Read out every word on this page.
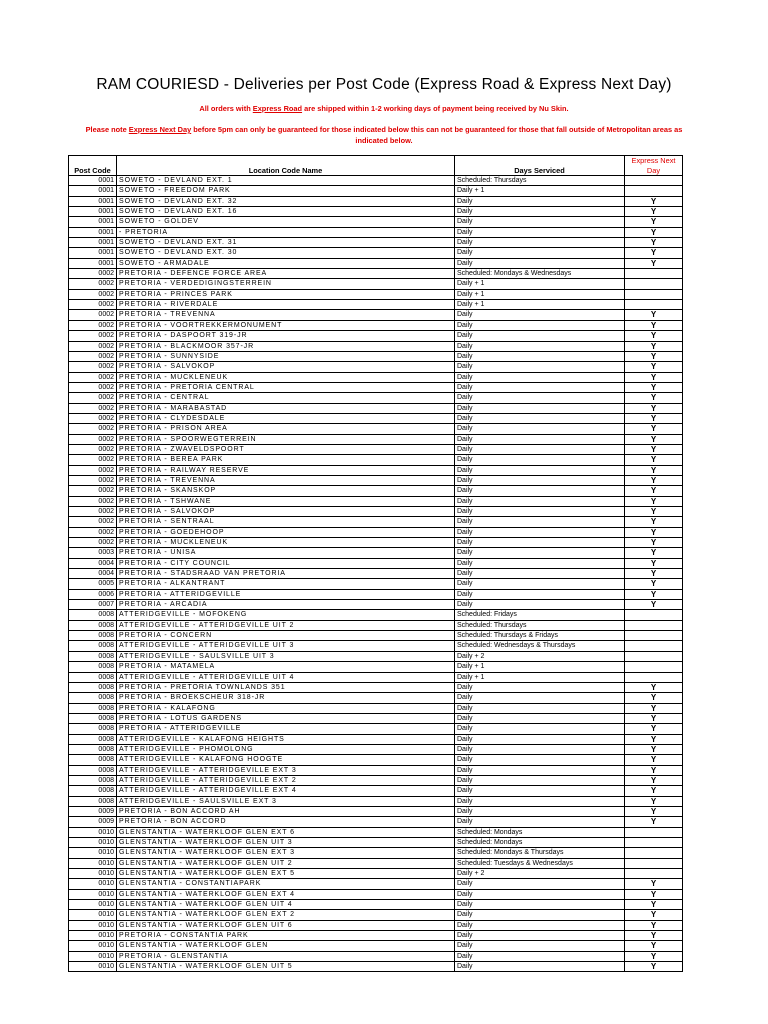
RAM COURIESD - Deliveries per Post Code (Express Road & Express Next Day)
All orders with Express Road are shipped within 1-2 working days of payment being received by Nu Skin.
Please note Express Next Day before 5pm can only be guaranteed for those indicated below this can not be guaranteed for those that fall outside of Metropolitan areas as indicated below.
Post Code	Location Code Name	Days Serviced	Express Next Day
0001	SOWETO - DEVLAND EXT. 1	Scheduled: Thursdays	
0001	SOWETO - FREEDOM PARK	Daily + 1	
0001	SOWETO - DEVLAND EXT. 32	Daily	Y
0001	SOWETO - DEVLAND EXT. 16	Daily	Y
0001	SOWETO - GOLDEV	Daily	Y
0001	- PRETORIA	Daily	Y
0001	SOWETO - DEVLAND EXT. 31	Daily	Y
0001	SOWETO - DEVLAND EXT. 30	Daily	Y
0001	SOWETO - ARMADALE	Daily	Y
0002	PRETORIA - DEFENCE FORCE AREA	Scheduled: Mondays & Wednesdays	
0002	PRETORIA - VERDEDIGINGSTERREIN	Daily + 1	
0002	PRETORIA - PRINCES PARK	Daily + 1	
0002	PRETORIA - RIVERDALE	Daily + 1	
0002	PRETORIA - TREVENNA	Daily	Y
0002	PRETORIA - VOORTREKKERMONUMENT	Daily	Y
0002	PRETORIA - DASPOORT 319-JR	Daily	Y
0002	PRETORIA - BLACKMOOR 357-JR	Daily	Y
0002	PRETORIA - SUNNYSIDE	Daily	Y
0002	PRETORIA - SALVOKOP	Daily	Y
0002	PRETORIA - MUCKLENEUK	Daily	Y
0002	PRETORIA - PRETORIA CENTRAL	Daily	Y
0002	PRETORIA - CENTRAL	Daily	Y
0002	PRETORIA - MARABASTAD	Daily	Y
0002	PRETORIA - CLYDESDALE	Daily	Y
0002	PRETORIA - PRISON AREA	Daily	Y
0002	PRETORIA - SPOORWEGTERREIN	Daily	Y
0002	PRETORIA - ZWAVELDSPOORT	Daily	Y
0002	PRETORIA - BEREA PARK	Daily	Y
0002	PRETORIA - RAILWAY RESERVE	Daily	Y
0002	PRETORIA - TREVENNA	Daily	Y
0002	PRETORIA - SKANSKOP	Daily	Y
0002	PRETORIA - TSHWANE	Daily	Y
0002	PRETORIA - SALVOKOP	Daily	Y
0002	PRETORIA - SENTRAAL	Daily	Y
0002	PRETORIA - GOEDEHOOP	Daily	Y
0002	PRETORIA - MUCKLENEUK	Daily	Y
0003	PRETORIA - UNISA	Daily	Y
0004	PRETORIA - CITY COUNCIL	Daily	Y
0004	PRETORIA - STADSRAAD VAN PRETORIA	Daily	Y
0005	PRETORIA - ALKANTRANT	Daily	Y
0006	PRETORIA - ATTERIDGEVILLE	Daily	Y
0007	PRETORIA - ARCADIA	Daily	Y
0008	ATTERIDGEVILLE - MOFOKENG	Scheduled: Fridays	
0008	ATTERIDGEVILLE - ATTERIDGEVILLE UIT 2	Scheduled: Thursdays	
0008	PRETORIA - CONCERN	Scheduled: Thursdays & Fridays	
0008	ATTERIDGEVILLE - ATTERIDGEVILLE UIT 3	Scheduled: Wednesdays & Thursdays	
0008	ATTERIDGEVILLE - SAULSVILLE UIT 3	Daily + 2	
0008	PRETORIA - MATAMELA	Daily + 1	
0008	ATTERIDGEVILLE - ATTERIDGEVILLE UIT 4	Daily + 1	
0008	PRETORIA - PRETORIA TOWNLANDS 351	Daily	Y
0008	PRETORIA - BROEKSCHEUR 318-JR	Daily	Y
0008	PRETORIA - KALAFONG	Daily	Y
0008	PRETORIA - LOTUS GARDENS	Daily	Y
0008	PRETORIA - ATTERIDGEVILLE	Daily	Y
0008	ATTERIDGEVILLE - KALAFONG HEIGHTS	Daily	Y
0008	ATTERIDGEVILLE - PHOMOLONG	Daily	Y
0008	ATTERIDGEVILLE - KALAFONG HOOGTE	Daily	Y
0008	ATTERIDGEVILLE - ATTERIDGEVILLE EXT 3	Daily	Y
0008	ATTERIDGEVILLE - ATTERIDGEVILLE EXT 2	Daily	Y
0008	ATTERIDGEVILLE - ATTERIDGEVILLE EXT 4	Daily	Y
0008	ATTERIDGEVILLE - SAULSVILLE EXT 3	Daily	Y
0009	PRETORIA - BON ACCORD AH	Daily	Y
0009	PRETORIA - BON ACCORD	Daily	Y
0010	GLENSTANTIA - WATERKLOOF GLEN EXT 6	Scheduled: Mondays	
0010	GLENSTANTIA - WATERKLOOF GLEN UIT 3	Scheduled: Mondays	
0010	GLENSTANTIA - WATERKLOOF GLEN EXT 3	Scheduled: Mondays & Thursdays	
0010	GLENSTANTIA - WATERKLOOF GLEN UIT 2	Scheduled: Tuesdays & Wednesdays	
0010	GLENSTANTIA - WATERKLOOF GLEN EXT 5	Daily + 2	
0010	GLENSTANTIA - CONSTANTIAPARK	Daily	Y
0010	GLENSTANTIA - WATERKLOOF GLEN EXT 4	Daily	Y
0010	GLENSTANTIA - WATERKLOOF GLEN UIT 4	Daily	Y
0010	GLENSTANTIA - WATERKLOOF GLEN EXT 2	Daily	Y
0010	GLENSTANTIA - WATERKLOOF GLEN UIT 6	Daily	Y
0010	PRETORIA - CONSTANTIA PARK	Daily	Y
0010	GLENSTANTIA - WATERKLOOF GLEN	Daily	Y
0010	PRETORIA - GLENSTANTIA	Daily	Y
0010	GLENSTANTIA - WATERKLOOF GLEN UIT 5	Daily	Y
